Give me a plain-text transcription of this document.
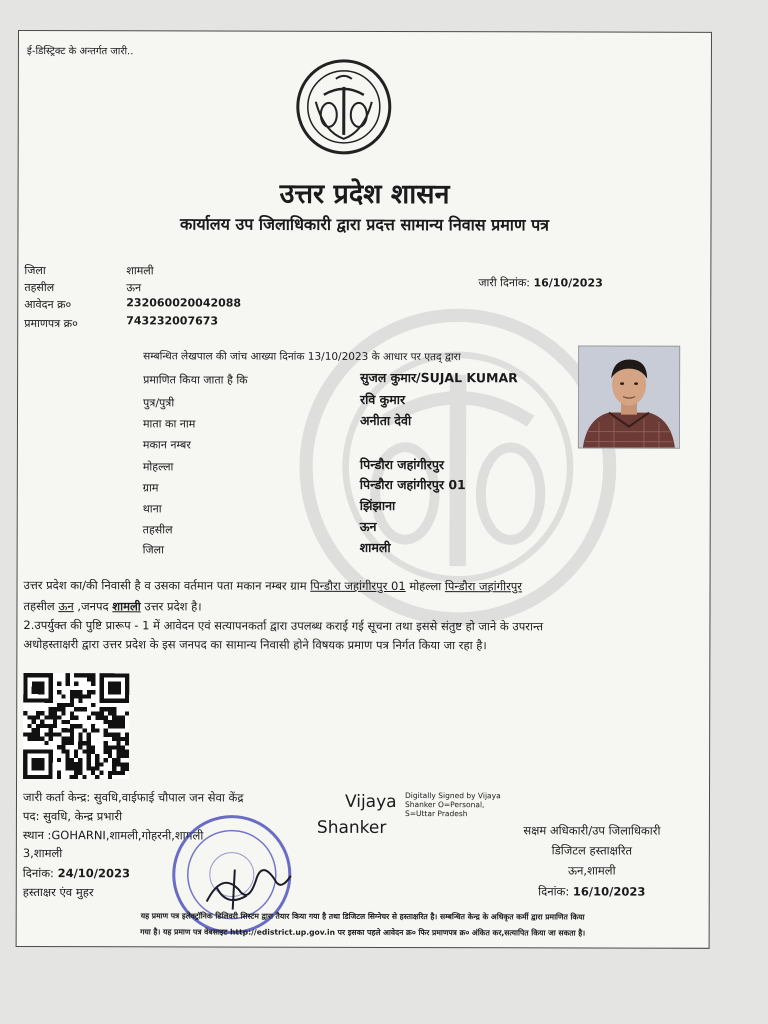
ई-डिस्ट्रिक्ट के अन्तर्गत जारी..
उत्तर प्रदेश शासन
कार्यालय उप जिलाधिकारी द्वारा प्रदत्त सामान्य निवास प्रमाण पत्र
जिला	शामली
तहसील	ऊन
आवेदन क्र०	232060020042088
प्रमाणपत्र क्र०	743232007673
जारी दिनांक: 16/10/2023
सम्बन्धित लेखपाल की जांच आख्या दिनांक 13/10/2023 के आधार पर एतद् द्वारा
प्रमाणित किया जाता है कि	सुजल कुमार/SUJAL KUMAR
पुत्र/पुत्री	रवि कुमार
माता का नाम	अनीता देवी
मकान नम्बर
मोहल्ला	पिन्डौरा जहांगीरपुर
ग्राम	पिन्डौरा जहांगीरपुर 01
थाना	झिंझाना
तहसील	ऊन
जिला	शामली
उत्तर प्रदेश का/की निवासी है व उसका वर्तमान पता मकान नम्बर ग्राम पिन्डौरा जहांगीरपुर 01 मोहल्ला पिन्डौरा जहांगीरपुर
तहसील ऊन ,जनपद शामली उत्तर प्रदेश है।
2.उपर्युक्त की पुष्टि प्रारूप - 1 में आवेदन एवं सत्यापनकर्ता द्वारा उपलब्ध कराई गई सूचना तथा इससे संतुष्ट हो जाने के उपरान्त
अधोहस्ताक्षरी द्वारा उत्तर प्रदेश के इस जनपद का सामान्य निवासी होने विषयक प्रमाण पत्र निर्गत किया जा रहा है।
जारी कर्ता केन्द्र: सुवधि,वाईफाई चौपाल जन सेवा केंद्र
पद: सुवधि, केन्द्र प्रभारी
स्थान :GOHARNI,शामली,गोहरनी,शामली
3,शामली
दिनांक: 24/10/2023
हस्ताक्षर एंव मुहर
Vijaya
Shanker
Digitally Signed by Vijaya
Shanker O=Personal,
S=Uttar Pradesh
सक्षम अधिकारी/उप जिलाधिकारी
डिजिटल हस्ताक्षरित
ऊन,शामली
दिनांक: 16/10/2023
यह प्रमाण पत्र इलेक्ट्रॉनिक डिलिवरी सिस्टम द्वारा तैयार किया गया है तथा डिजिटल सिग्नेचर से हस्ताक्षरित है। सम्बन्धित केन्द्र के अधिकृत कर्मी द्वारा प्रमाणित किया
गया है। यह प्रमाण पत्र वेबसाइट http://edistrict.up.gov.in पर इसका पहले आवेदन क्र० फिर प्रमाणपत्र क्र० अंकित कर,सत्यापित किया जा सकता है।
